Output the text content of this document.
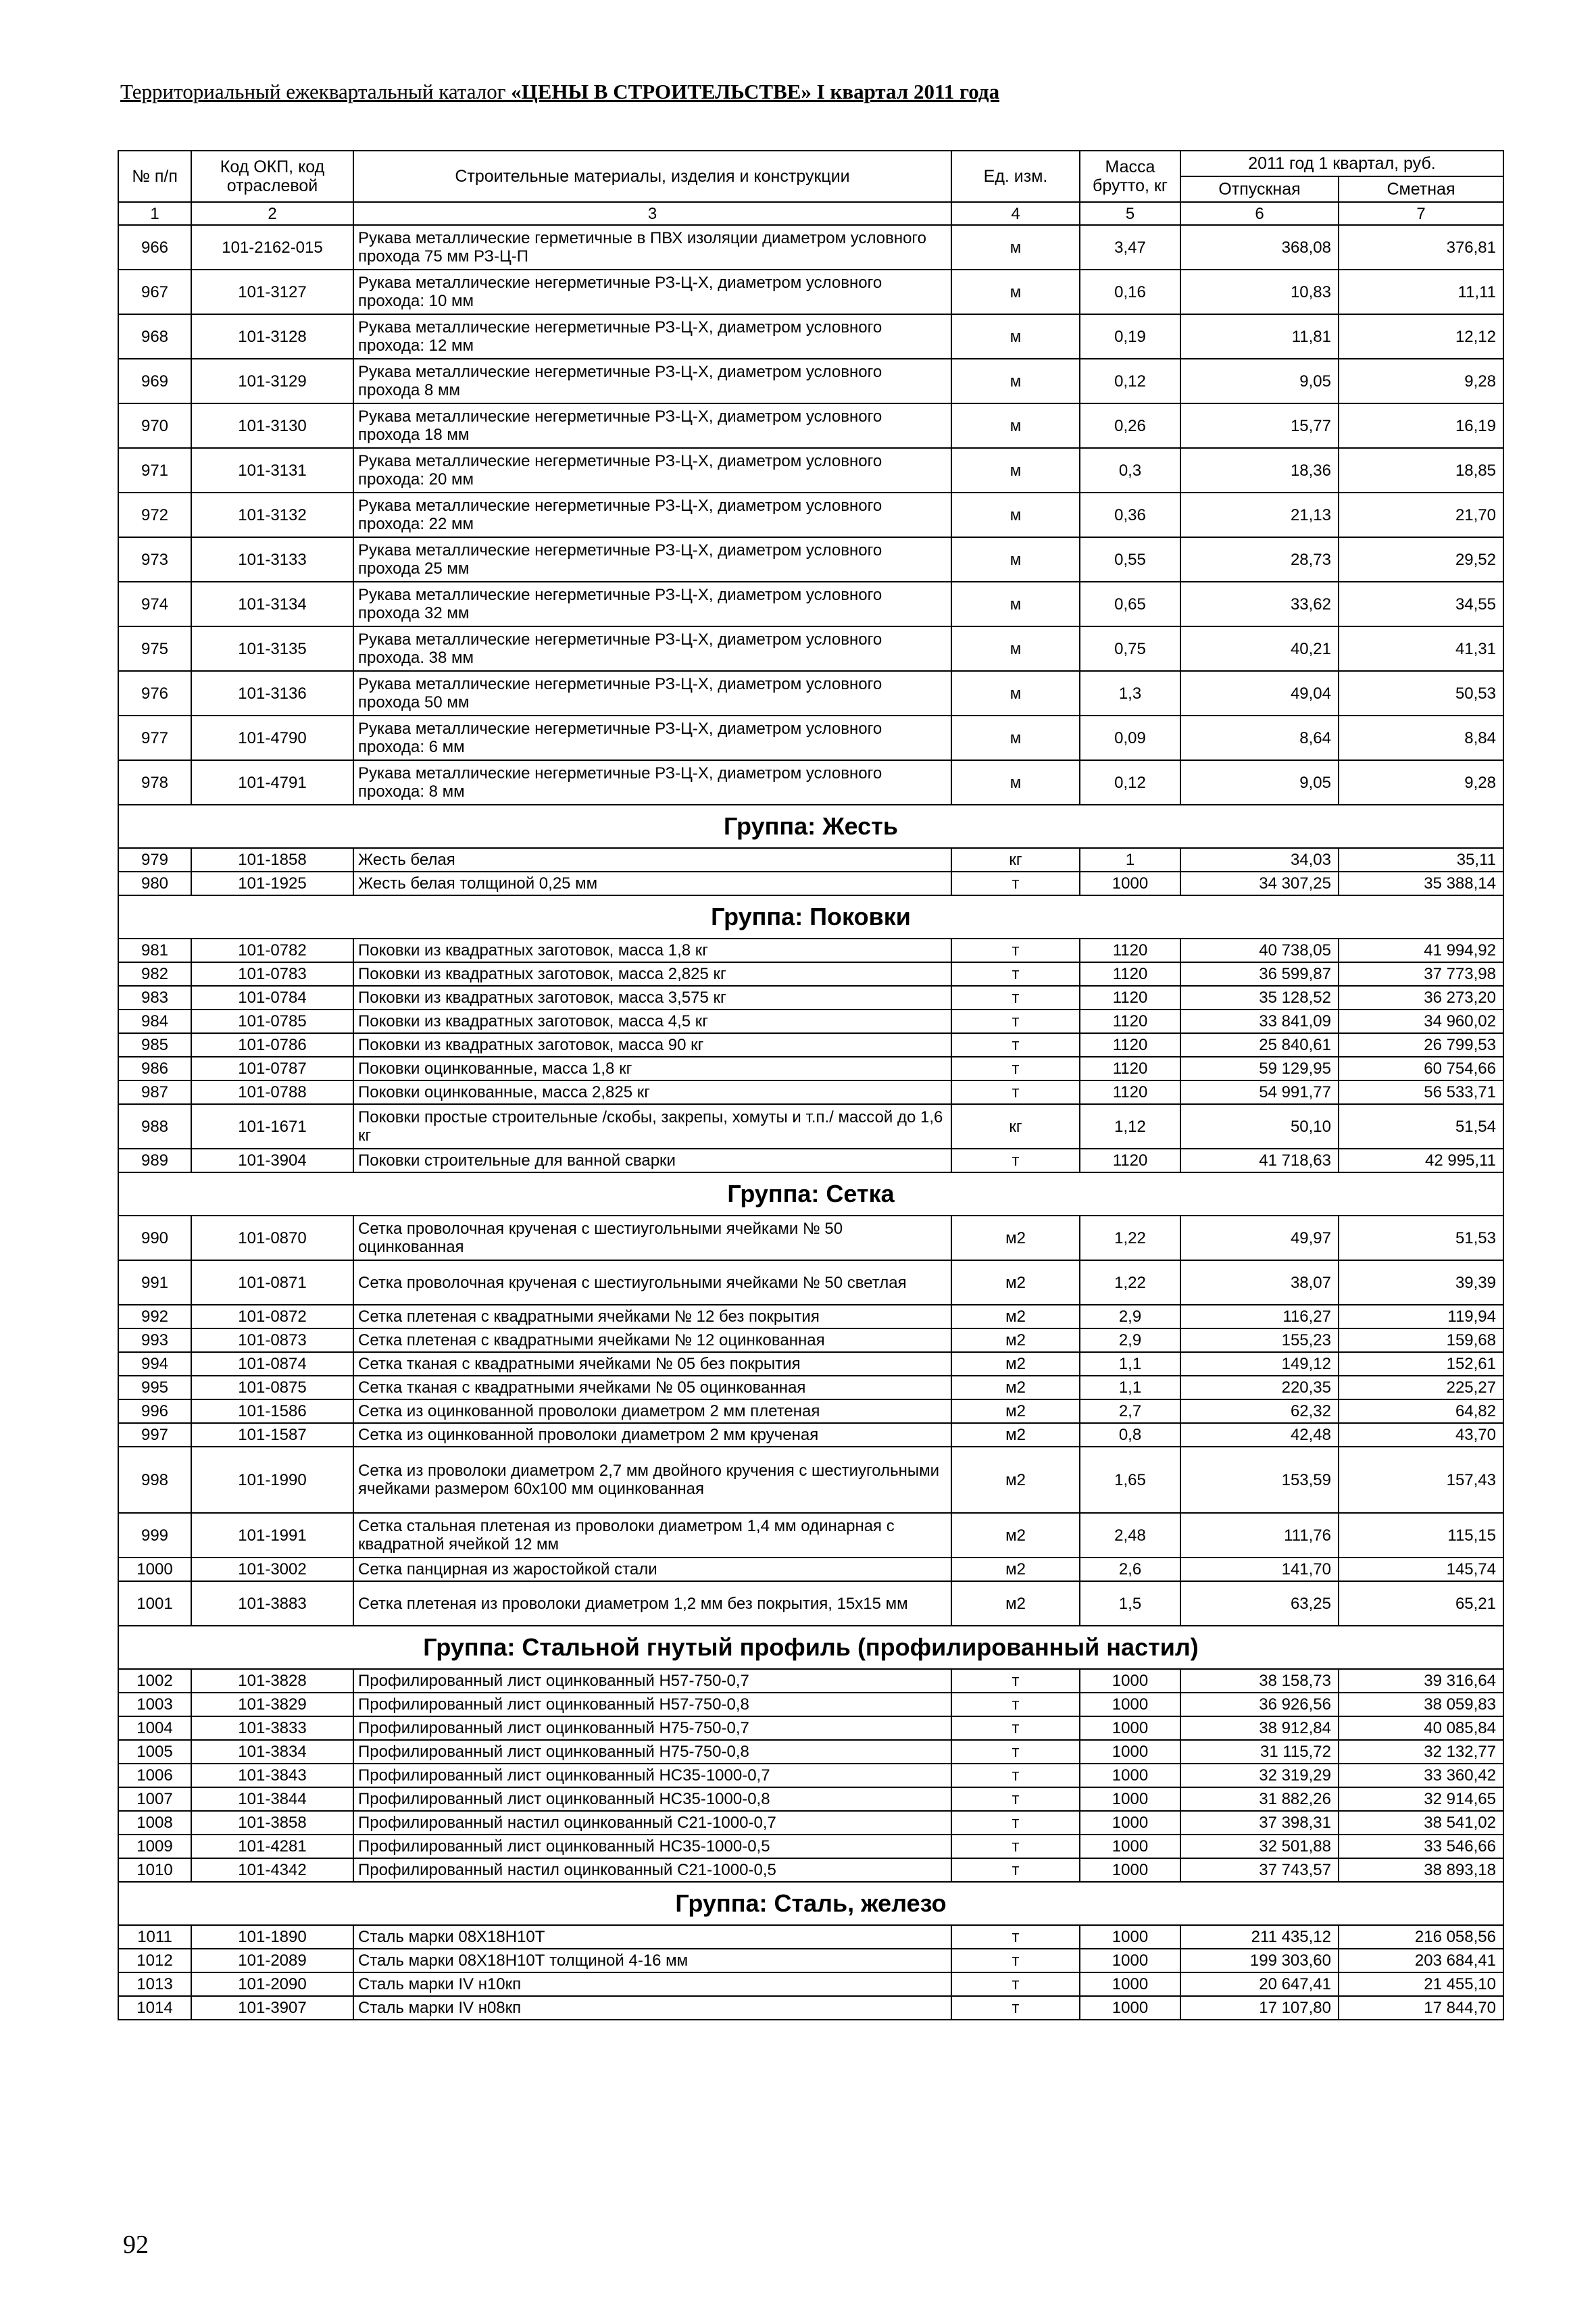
Территориальный ежеквартальный каталог «ЦЕНЫ В СТРОИТЕЛЬСТВЕ» I квартал 2011 года
№ п/п	Код ОКП, код отраслевой	Строительные материалы, изделия и конструкции	Ед. изм.	Масса брутто, кг	2011 год 1 квартал, руб.	
					Отпускная	Сметная
1	2	3	4	5	6	7
966	101-2162-015	Рукава металлические герметичные в ПВХ изоляции диаметром условного прохода 75 мм РЗ-Ц-П	м	3,47	368,08	376,81
967	101-3127	Рукава металлические негерметичные РЗ-Ц-Х, диаметром условного прохода: 10 мм	м	0,16	10,83	11,11
968	101-3128	Рукава металлические негерметичные РЗ-Ц-Х, диаметром условного прохода: 12 мм	м	0,19	11,81	12,12
969	101-3129	Рукава металлические негерметичные РЗ-Ц-Х, диаметром условного прохода 8 мм	м	0,12	9,05	9,28
970	101-3130	Рукава металлические негерметичные РЗ-Ц-Х, диаметром условного прохода 18 мм	м	0,26	15,77	16,19
971	101-3131	Рукава металлические негерметичные РЗ-Ц-Х, диаметром условного прохода: 20 мм	м	0,3	18,36	18,85
972	101-3132	Рукава металлические негерметичные РЗ-Ц-Х, диаметром условного прохода: 22 мм	м	0,36	21,13	21,70
973	101-3133	Рукава металлические негерметичные РЗ-Ц-Х, диаметром условного прохода 25 мм	м	0,55	28,73	29,52
974	101-3134	Рукава металлические негерметичные РЗ-Ц-Х, диаметром условного прохода 32 мм	м	0,65	33,62	34,55
975	101-3135	Рукава металлические негерметичные РЗ-Ц-Х, диаметром условного прохода. 38 мм	м	0,75	40,21	41,31
976	101-3136	Рукава металлические негерметичные РЗ-Ц-Х, диаметром условного прохода 50 мм	м	1,3	49,04	50,53
977	101-4790	Рукава металлические негерметичные РЗ-Ц-Х, диаметром условного прохода: 6 мм	м	0,09	8,64	8,84
978	101-4791	Рукава металлические негерметичные РЗ-Ц-Х, диаметром условного прохода: 8 мм	м	0,12	9,05	9,28
Группа: Жесть						
979	101-1858	Жесть белая	кг	1	34,03	35,11
980	101-1925	Жесть белая толщиной 0,25 мм	т	1000	34 307,25	35 388,14
Группа: Поковки						
981	101-0782	Поковки из квадратных заготовок, масса 1,8 кг	т	1120	40 738,05	41 994,92
982	101-0783	Поковки из квадратных заготовок, масса 2,825 кг	т	1120	36 599,87	37 773,98
983	101-0784	Поковки из квадратных заготовок, масса 3,575 кг	т	1120	35 128,52	36 273,20
984	101-0785	Поковки из квадратных заготовок, масса 4,5 кг	т	1120	33 841,09	34 960,02
985	101-0786	Поковки из квадратных заготовок, масса 90 кг	т	1120	25 840,61	26 799,53
986	101-0787	Поковки оцинкованные, масса 1,8 кг	т	1120	59 129,95	60 754,66
987	101-0788	Поковки оцинкованные, масса 2,825 кг	т	1120	54 991,77	56 533,71
988	101-1671	Поковки простые строительные /скобы, закрепы, хомуты и т.п./ массой до 1,6 кг	кг	1,12	50,10	51,54
989	101-3904	Поковки строительные для ванной сварки	т	1120	41 718,63	42 995,11
Группа: Сетка						
990	101-0870	Сетка проволочная крученая с шестиугольными ячейками № 50 оцинкованная	м2	1,22	49,97	51,53
991	101-0871	Сетка проволочная крученая с шестиугольными ячейками № 50 светлая	м2	1,22	38,07	39,39
992	101-0872	Сетка плетеная с квадратными ячейками № 12 без покрытия	м2	2,9	116,27	119,94
993	101-0873	Сетка плетеная с квадратными ячейками № 12 оцинкованная	м2	2,9	155,23	159,68
994	101-0874	Сетка тканая с квадратными ячейками № 05 без покрытия	м2	1,1	149,12	152,61
995	101-0875	Сетка тканая с квадратными ячейками № 05 оцинкованная	м2	1,1	220,35	225,27
996	101-1586	Сетка из оцинкованной проволоки диаметром 2 мм плетеная	м2	2,7	62,32	64,82
997	101-1587	Сетка из оцинкованной проволоки диаметром 2 мм крученая	м2	0,8	42,48	43,70
998	101-1990	Сетка из проволоки диаметром 2,7 мм двойного кручения с шестиугольными ячейками размером 60х100 мм оцинкованная	м2	1,65	153,59	157,43
999	101-1991	Сетка стальная плетеная из проволоки диаметром 1,4 мм одинарная с квадратной ячейкой 12 мм	м2	2,48	111,76	115,15
1000	101-3002	Сетка панцирная из жаростойкой стали	м2	2,6	141,70	145,74
1001	101-3883	Сетка плетеная из проволоки диаметром 1,2 мм без покрытия, 15х15 мм	м2	1,5	63,25	65,21
Группа: Стальной гнутый профиль (профилированный настил)						
1002	101-3828	Профилированный лист оцинкованный Н57-750-0,7	т	1000	38 158,73	39 316,64
1003	101-3829	Профилированный лист оцинкованный Н57-750-0,8	т	1000	36 926,56	38 059,83
1004	101-3833	Профилированный лист оцинкованный Н75-750-0,7	т	1000	38 912,84	40 085,84
1005	101-3834	Профилированный лист оцинкованный Н75-750-0,8	т	1000	31 115,72	32 132,77
1006	101-3843	Профилированный лист оцинкованный НС35-1000-0,7	т	1000	32 319,29	33 360,42
1007	101-3844	Профилированный лист оцинкованный НС35-1000-0,8	т	1000	31 882,26	32 914,65
1008	101-3858	Профилированный настил оцинкованный С21-1000-0,7	т	1000	37 398,31	38 541,02
1009	101-4281	Профилированный лист оцинкованный НС35-1000-0,5	т	1000	32 501,88	33 546,66
1010	101-4342	Профилированный настил оцинкованный С21-1000-0,5	т	1000	37 743,57	38 893,18
Группа: Сталь, железо						
1011	101-1890	Сталь марки 08Х18Н10Т	т	1000	211 435,12	216 058,56
1012	101-2089	Сталь марки 08Х18Н10Т толщиной 4-16 мм	т	1000	199 303,60	203 684,41
1013	101-2090	Сталь марки IV н10кп	т	1000	20 647,41	21 455,10
1014	101-3907	Сталь марки IV н08кп	т	1000	17 107,80	17 844,70
92
